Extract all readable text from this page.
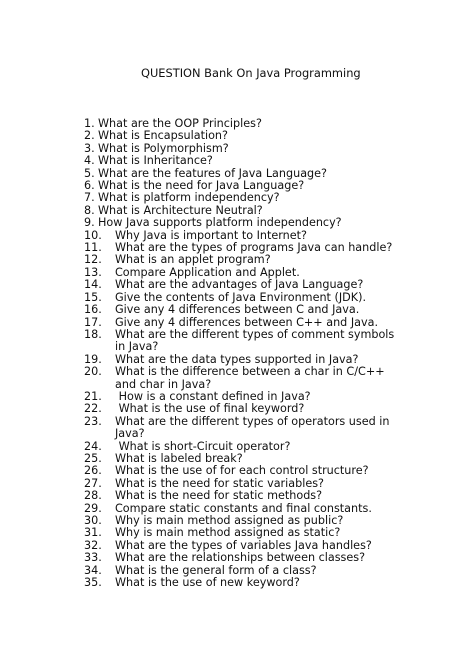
QUESTION Bank On Java Programming
1. What are the OOP Principles?
2. What is Encapsulation?
3. What is Polymorphism?
4. What is Inheritance?
5. What are the features of Java Language?
6. What is the need for Java Language?
7. What is platform independency?
8. What is Architecture Neutral?
9. How Java supports platform independency?
10.	Why Java is important to Internet?
11.	What are the types of programs Java can handle?
12.	What is an applet program?
13.	Compare Application and Applet.
14.	What are the advantages of Java Language?
15.	Give the contents of Java Environment (JDK).
16.	Give any 4 differences between C and Java.
17.	Give any 4 differences between C++ and Java.
18.	What are the different types of comment symbols in Java?
19.	What are the data types supported in Java?
20.	What is the difference between a char in C/C++ and char in Java?
21.	How is a constant defined in Java?
22.	What is the use of final keyword?
23.	What are the different types of operators used in Java?
24.	What is short-Circuit operator?
25.	What is labeled break?
26.	What is the use of for each control structure?
27.	What is the need for static variables?
28.	What is the need for static methods?
29.	Compare static constants and final constants.
30.	Why is main method assigned as public?
31.	Why is main method assigned as static?
32.	What are the types of variables Java handles?
33.	What are the relationships between classes?
34.	What is the general form of a class?
35.	What is the use of new keyword?
